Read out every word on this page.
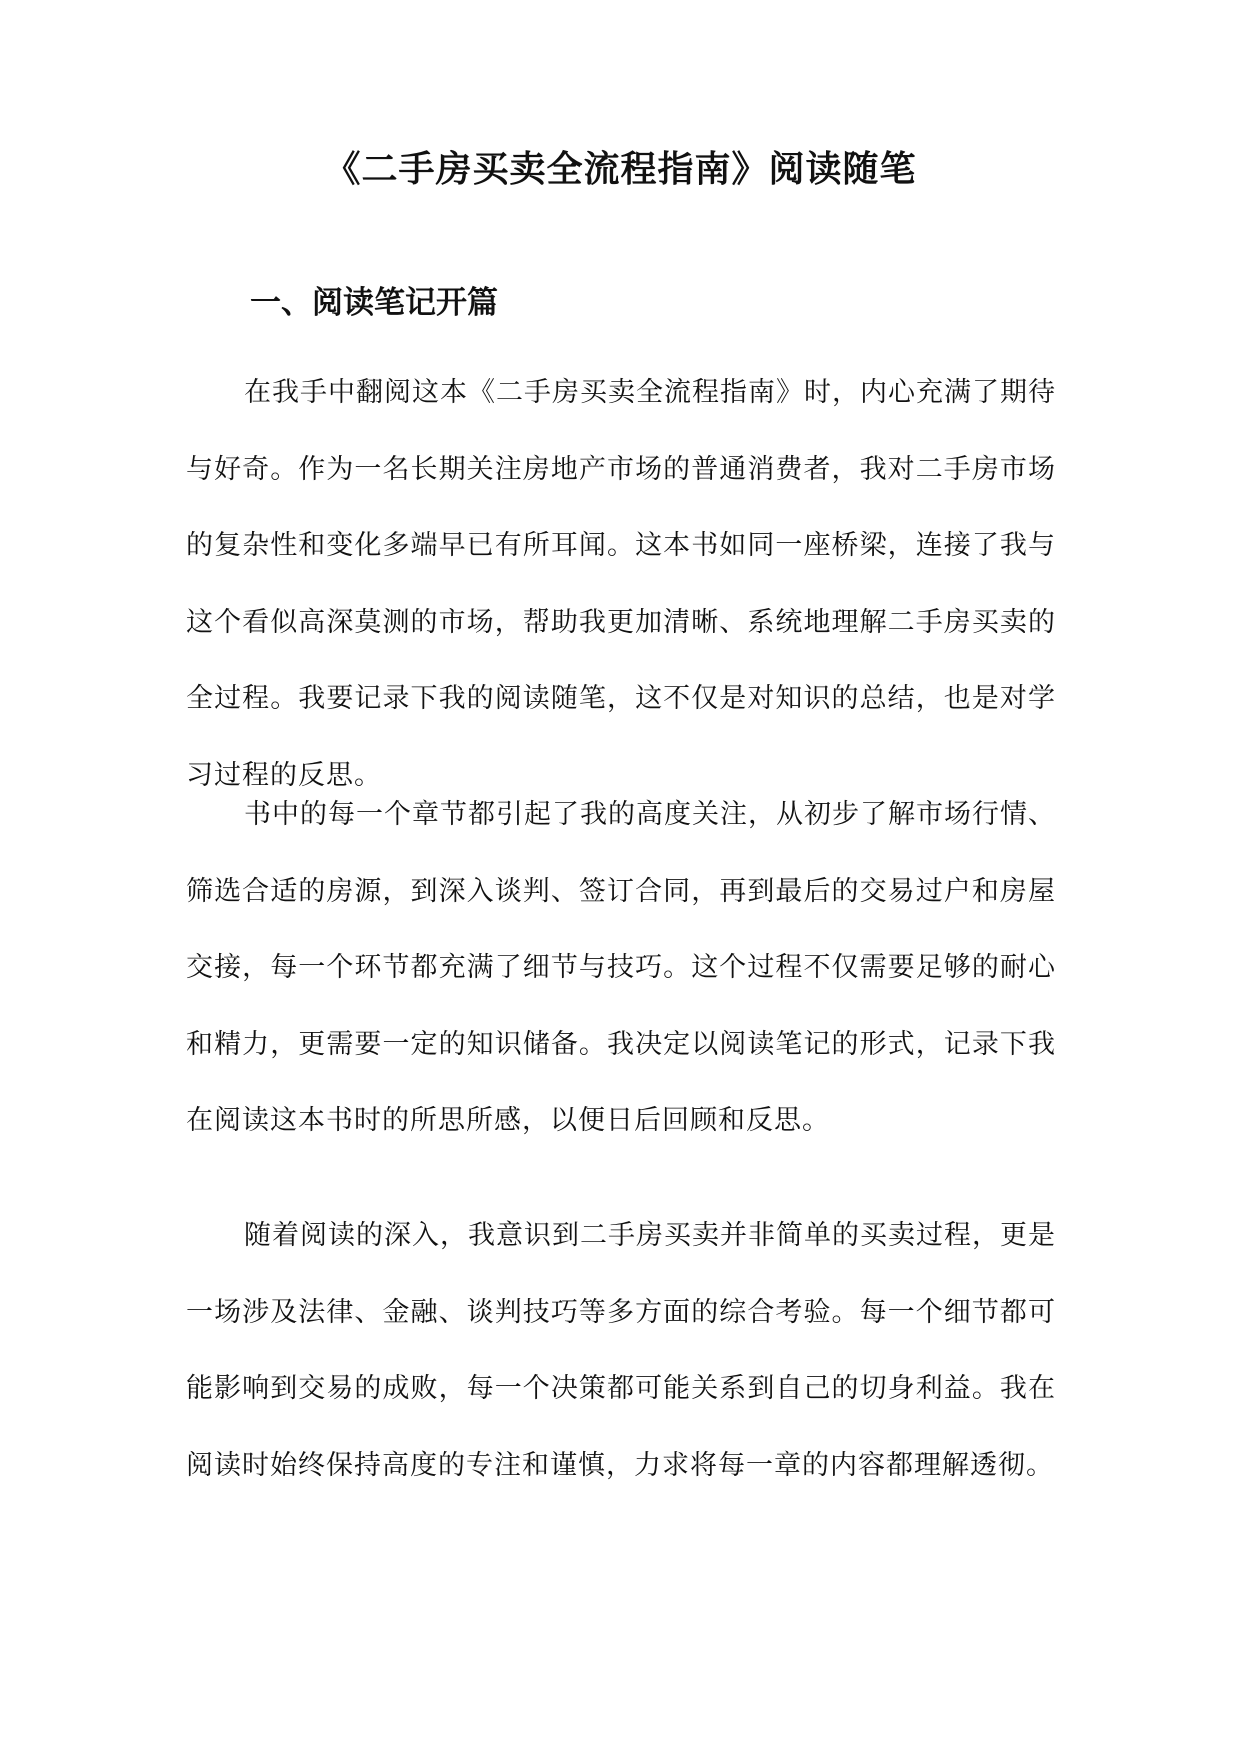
《二手房买卖全流程指南》阅读随笔
一、阅读笔记开篇

在我手中翻阅这本《二手房买卖全流程指南》时，内心充满了期待与好奇。作为一名长期关注房地产市场的普通消费者，我对二手房市场的复杂性和变化多端早已有所耳闻。这本书如同一座桥梁，连接了我与这个看似高深莫测的市场，帮助我更加清晰、系统地理解二手房买卖的全过程。我要记录下我的阅读随笔，这不仅是对知识的总结，也是对学习过程的反思。

书中的每一个章节都引起了我的高度关注，从初步了解市场行情、筛选合适的房源，到深入谈判、签订合同，再到最后的交易过户和房屋交接，每一个环节都充满了细节与技巧。这个过程不仅需要足够的耐心和精力，更需要一定的知识储备。我决定以阅读笔记的形式，记录下我在阅读这本书时的所思所感，以便日后回顾和反思。

随着阅读的深入，我意识到二手房买卖并非简单的买卖过程，更是一场涉及法律、金融、谈判技巧等多方面的综合考验。每一个细节都可能影响到交易的成败，每一个决策都可能关系到自己的切身利益。我在阅读时始终保持高度的专注和谨慎，力求将每一章的内容都理解透彻。
